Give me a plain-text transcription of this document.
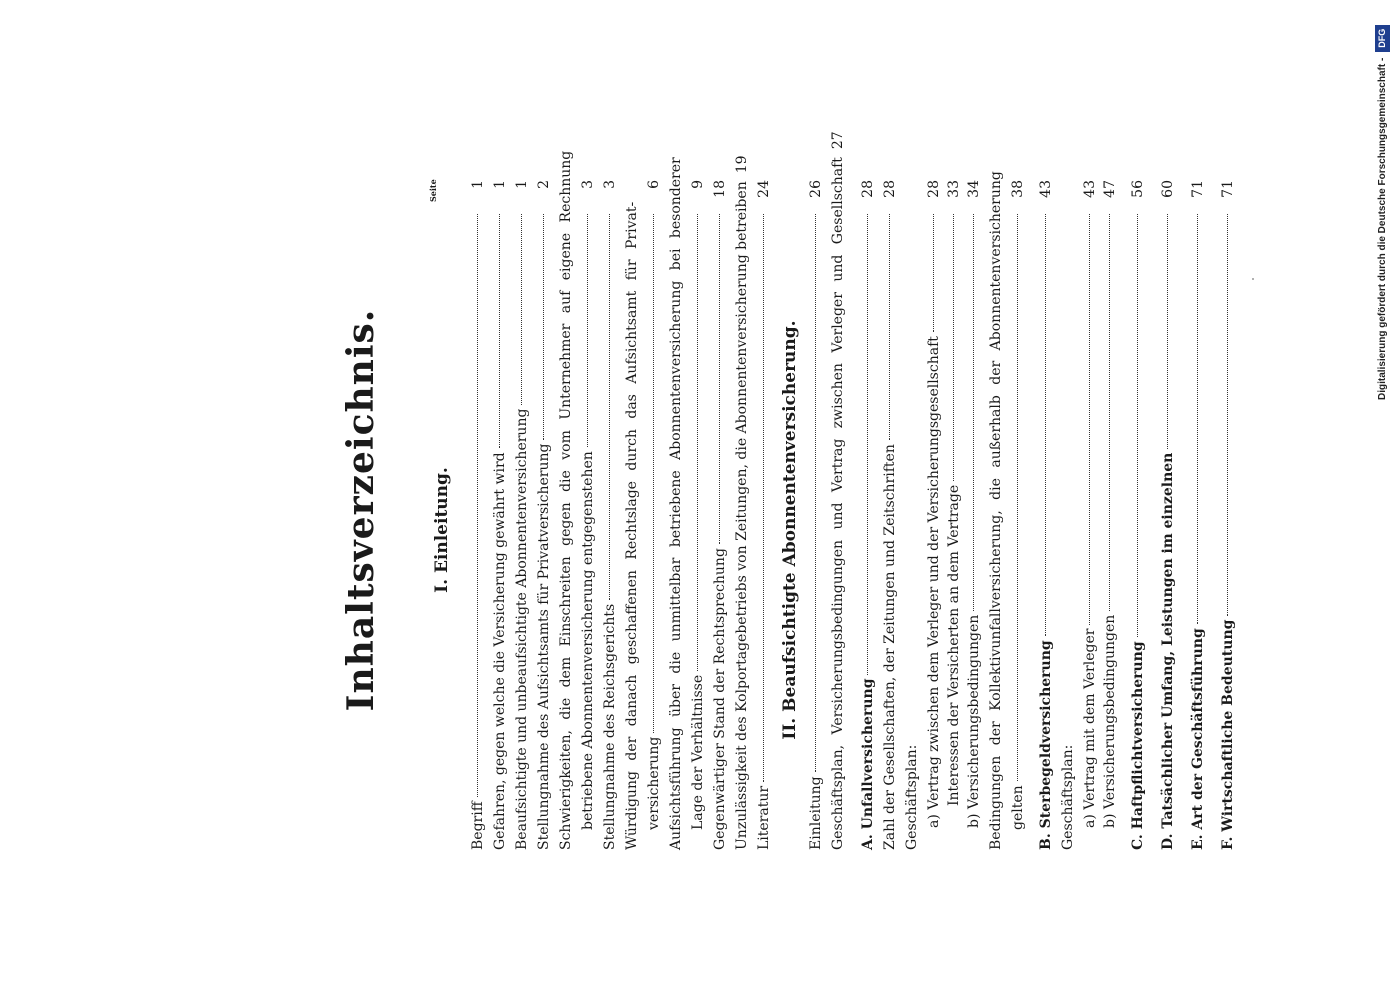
Inhaltsverzeichnis.
Seite
I. Einleitung.
Begriff
1
Gefahren, gegen welche die Versicherung gewährt wird
1
Beaufsichtigte und unbeaufsichtigte Abonnentenversicherung
1
Stellungnahme des Aufsichtsamts für Privatversicherung
2 Schwierigkeiten, die dem Einschreiten gegen die vom Unternehmer auf eigene Rechnung betriebene Abonnentenversicherung entgegenstehen
3
Stellungnahme des Reichsgerichts
3
Würdigung der danach geschaffenen Rechtslage durch das Aufsichtsamt für Privat- versicherung
6 Aufsichtsführung über die unmittelbar betriebene Abonnentenversicherung bei besonderer Lage der Verhältnisse
9
Gegenwärtiger Stand der Rechtsprechung
18 Unzulässigkeit des Kolportagebetriebs von Zeitungen, die Abonnentenversicherung betreiben
19
Literatur
24
II. Beaufsichtigte Abonnentenversicherung.
Einleitung
26 Geschäftsplan, Versicherungsbedingungen und Vertrag zwischen Verleger und Gesellschaft
27
A. Unfallversicherung
28
Zahl der Gesellschaften, der Zeitungen und Zeitschriften
28
Geschäftsplan: a) Vertrag zwischen dem Verleger und der Versicherungsgesellschaft
28
Interessen der Versicherten an dem Vertrage
33
b) Versicherungsbedingungen
34 Bedingungen der Kollektivunfallversicherung, die außerhalb der Abonnentenversicherung gelten
38
B. Sterbegeldversicherung
43
Geschäftsplan: a) Vertrag mit dem Verleger
43
b) Versicherungsbedingungen
47
C. Haftpflichtversicherung
56
D. Tatsächlicher Umfang, Leistungen im einzelnen
60
E. Art der Geschäftsführung
71
F. Wirtschaftliche Bedeutung
71	Digitalisierung gefördert durch die Deutsche Forschungsgemeinschaft -
DFG
